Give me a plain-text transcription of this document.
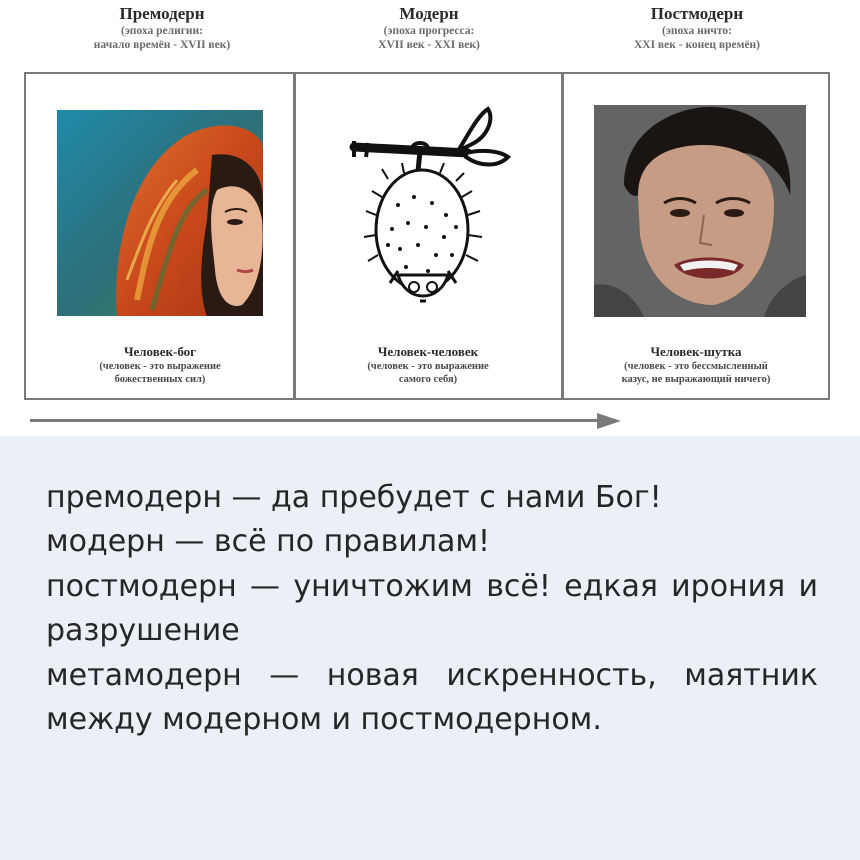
Премодерн
(эпоха религии:
начало времён - XVII век)
Модерн
(эпоха прогресса:
XVII век - XXI век)
Постмодерн
(эпоха ничто:
XXI век - конец времён)
Человек-бог
(человек - это выражение
божественных сил)
Человек-человек
(человек - это выражение
самого себя)
Человек-шутка
(человек - это бессмысленный
казус, не выражающий ничего)

премодерн — да пребудет с нами Бог!

модерн — всё по правилам!

постмодерн — уничтожим всё! едкая ирония и разрушение

метамодерн — новая искренность, маятник между модерном и постмодерном.
